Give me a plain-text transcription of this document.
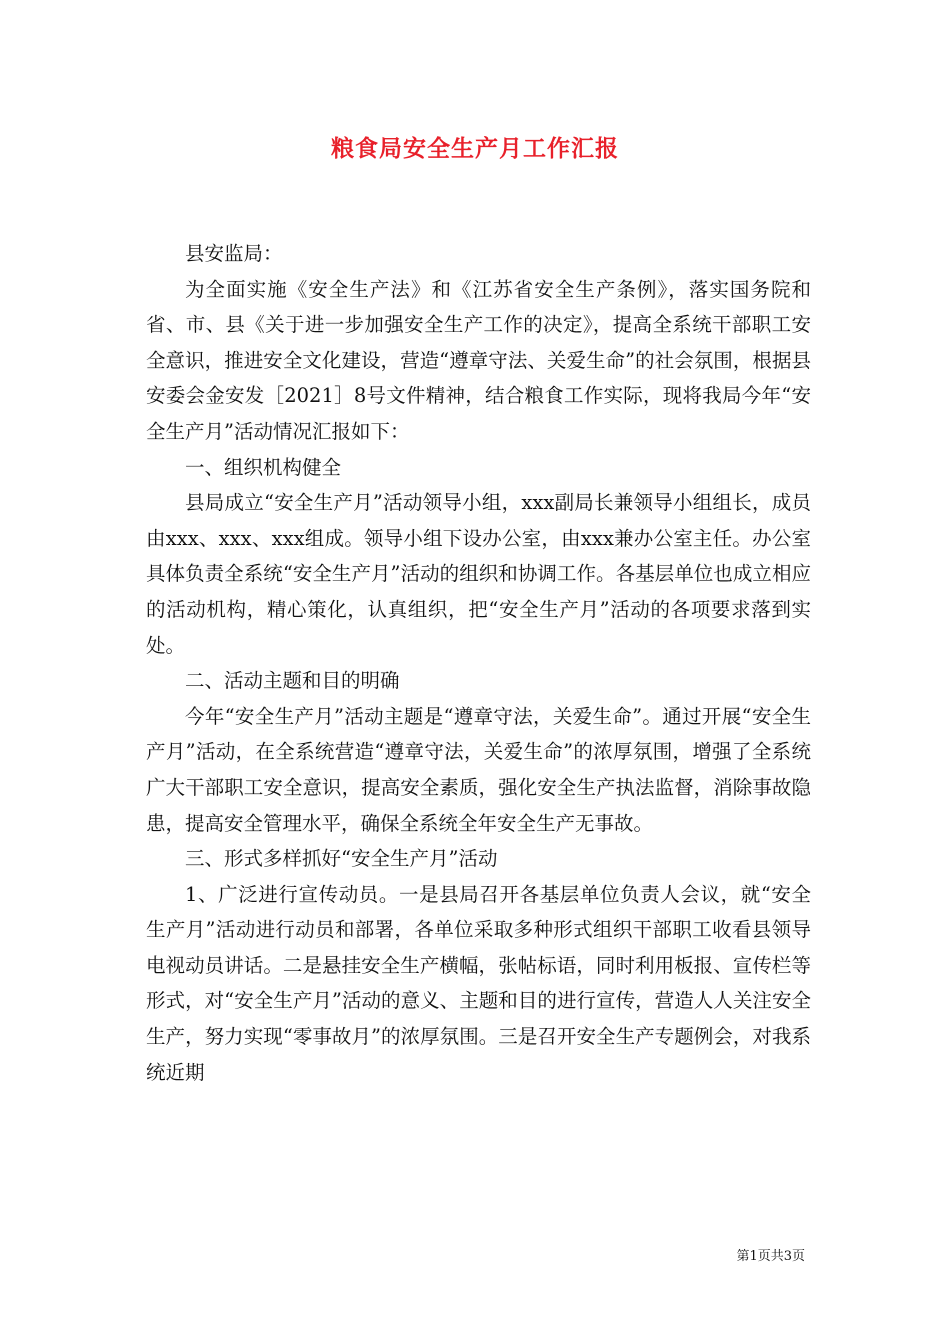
粮食局安全生产月工作汇报

县安监局：

为全面实施《安全生产法》和《江苏省安全生产条例》，落实国务院和省、市、县《关于进一步加强安全生产工作的决定》，提高全系统干部职工安全意识，推进安全文化建设，营造“遵章守法、关爱生命”的社会氛围，根据县安委会金安发［2021］8号文件精神，结合粮食工作实际，现将我局今年“安全生产月”活动情况汇报如下：

一、组织机构健全

县局成立“安全生产月”活动领导小组，xxx副局长兼领导小组组长，成员由xxx、xxx、xxx组成。领导小组下设办公室，由xxx兼办公室主任。办公室具体负责全系统“安全生产月”活动的组织和协调工作。各基层单位也成立相应的活动机构，精心策化，认真组织，把“安全生产月”活动的各项要求落到实处。

二、活动主题和目的明确

今年“安全生产月”活动主题是“遵章守法，关爱生命”。通过开展“安全生产月”活动，在全系统营造“遵章守法，关爱生命”的浓厚氛围，增强了全系统广大干部职工安全意识，提高安全素质，强化安全生产执法监督，消除事故隐患，提高安全管理水平，确保全系统全年安全生产无事故。

三、形式多样抓好“安全生产月”活动

1、广泛进行宣传动员。一是县局召开各基层单位负责人会议，就“安全生产月”活动进行动员和部署，各单位采取多种形式组织干部职工收看县领导电视动员讲话。二是悬挂安全生产横幅，张帖标语，同时利用板报、宣传栏等形式，对“安全生产月”活动的意义、主题和目的进行宣传，营造人人关注安全生产，努力实现“零事故月”的浓厚氛围。三是召开安全生产专题例会，对我系统近期

第1页共3页
